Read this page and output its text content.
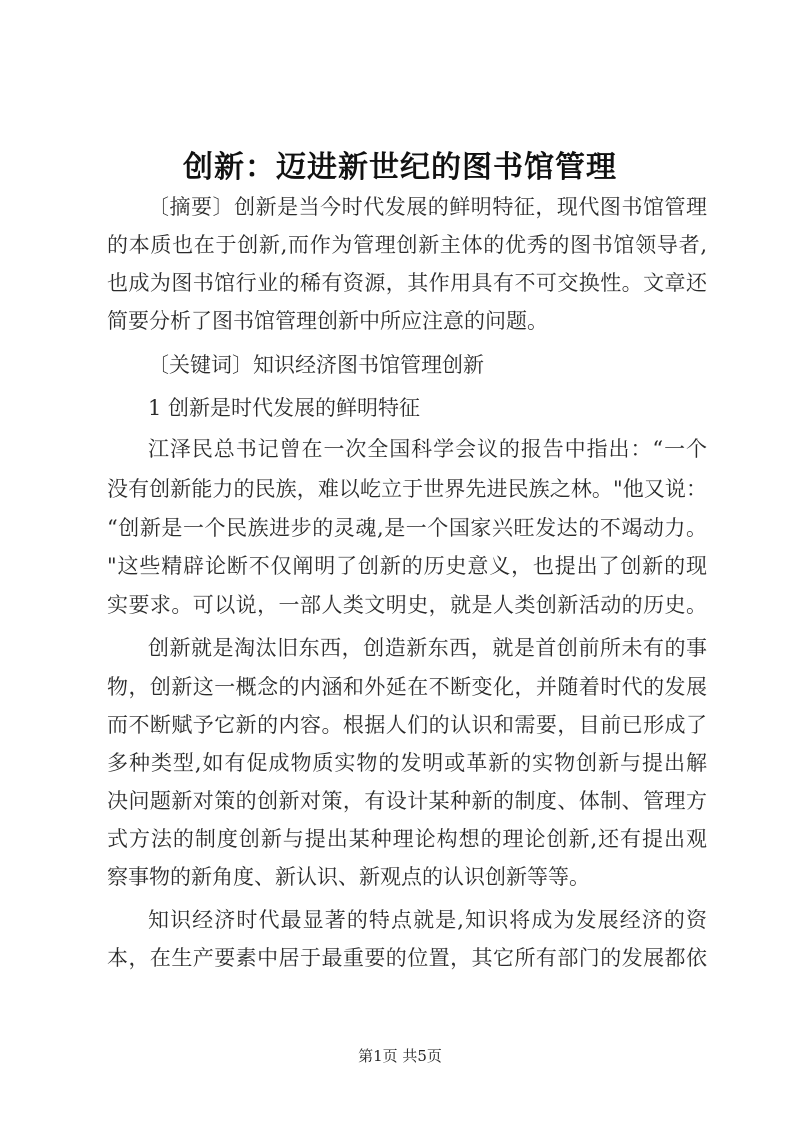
创新：迈进新世纪的图书馆管理
〔摘要〕创新是当今时代发展的鲜明特征，现代图书馆管理
的本质也在于创新,而作为管理创新主体的优秀的图书馆领导者,
也成为图书馆行业的稀有资源，其作用具有不可交换性。文章还
简要分析了图书馆管理创新中所应注意的问题。
〔关键词〕知识经济图书馆管理创新
1 创新是时代发展的鲜明特征
江泽民总书记曾在一次全国科学会议的报告中指出：“一个
没有创新能力的民族，难以屹立于世界先进民族之林。"他又说：
“创新是一个民族进步的灵魂,是一个国家兴旺发达的不竭动力。
"这些精辟论断不仅阐明了创新的历史意义，也提出了创新的现
实要求。可以说，一部人类文明史，就是人类创新活动的历史。
创新就是淘汰旧东西，创造新东西，就是首创前所未有的事
物，创新这一概念的内涵和外延在不断变化，并随着时代的发展
而不断赋予它新的内容。根据人们的认识和需要，目前已形成了
多种类型,如有促成物质实物的发明或革新的实物创新与提出解
决问题新对策的创新对策，有设计某种新的制度、体制、管理方
式方法的制度创新与提出某种理论构想的理论创新,还有提出观
察事物的新角度、新认识、新观点的认识创新等等。
知识经济时代最显著的特点就是,知识将成为发展经济的资
本，在生产要素中居于最重要的位置，其它所有部门的发展都依
第1页 共5页
